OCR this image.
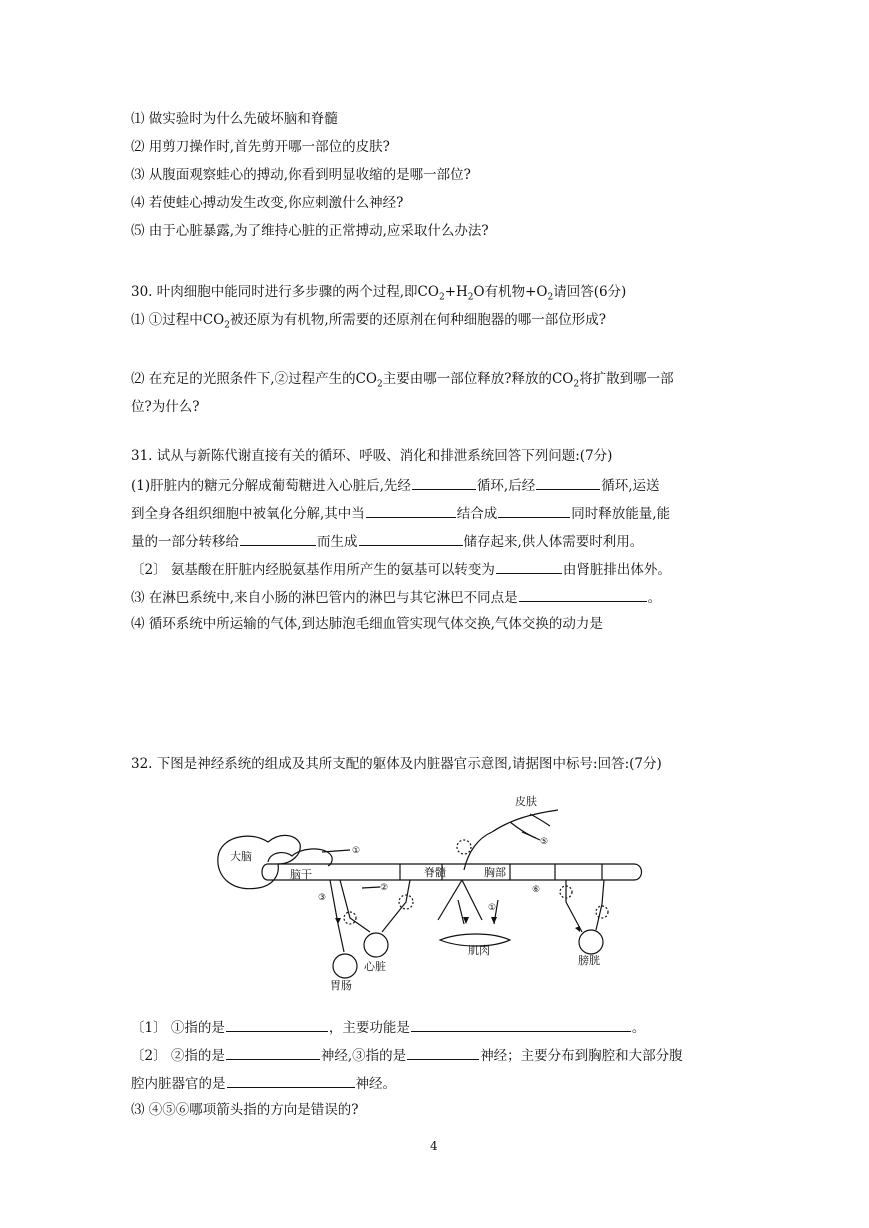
⑴ 做实验时为什么先破坏脑和脊髓
⑵ 用剪刀操作时,首先剪开哪一部位的皮肤?
⑶ 从腹面观察蛙心的搏动,你看到明显收缩的是哪一部位?
⑷ 若使蛙心搏动发生改变,你应刺激什么神经?
⑸ 由于心脏暴露,为了维持心脏的正常搏动,应采取什么办法?
30. 叶肉细胞中能同时进行多步骤的两个过程,即$CO_2+H_2O$有机物$+O_2$请回答(6分)
⑴ ①过程中$CO_2$被还原为有机物,所需要的还原剂在何种细胞器的哪一部位形成?
⑵ 在充足的光照条件下,②过程产生的$CO_2$主要由哪一部位释放?释放的$CO_2$将扩散到哪一部
位?为什么?
31. 试从与新陈代谢直接有关的循环、呼吸、消化和排泄系统回答下列问题:(7分)
(1)肝脏内的糖元分解成葡萄糖进入心脏后,先经	循环,后经	循环,运送
到全身各组织细胞中被氧化分解,其中当	结合成	同时释放能量,能
量的一部分转移给	而生成	储存起来,供人体需要时利用。
〔2〕 氨基酸在肝脏内经脱氨基作用所产生的氨基可以转变为	由肾脏排出体外。
⑶ 在淋巴系统中,来自小肠的淋巴管内的淋巴与其它淋巴不同点是	。
⑷ 循环系统中所运输的气体,到达肺泡毛细血管实现气体交换,气体交换的动力是
32. 下图是神经系统的组成及其所支配的躯体及内脏器官示意图,请据图中标号:回答:(7分)
皮肤
大脑
脑干	脊髓	胸部
肌肉
心脏
胃肠
膀胱
①
②
③
⑤
⑥
①
〔1〕 ①指的是	，主要功能是	。
〔2〕 ②指的是	神经,③指的是	神经；主要分布到胸腔和大部分腹
腔内脏器官的是	神经。
⑶ ④⑤⑥哪项箭头指的方向是错误的?
4
